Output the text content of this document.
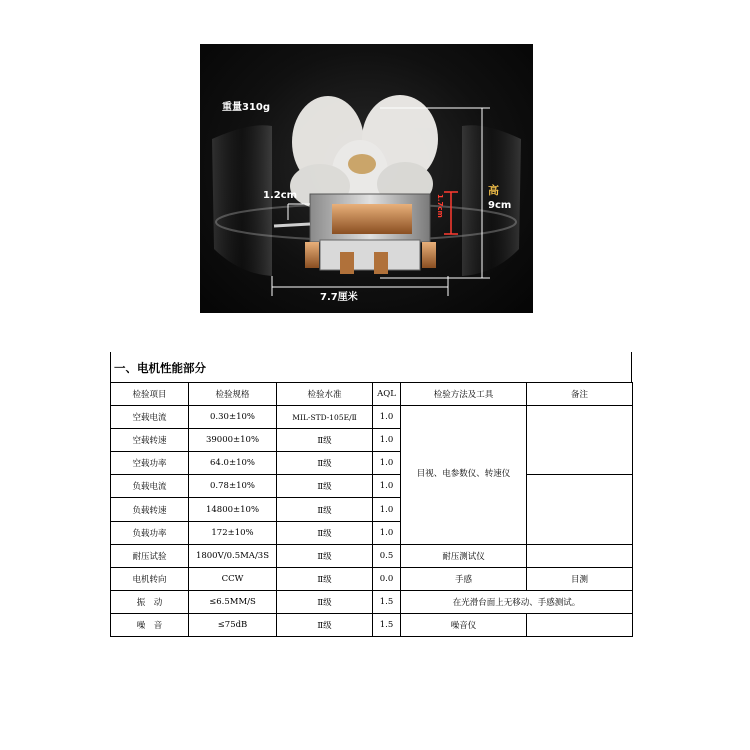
重量310g
1.2cm	高
9cm
1.7cm
7.7厘米
一、电机性能部分
检验项目	检验规格	检验水准	AQL	检验方法及工具	备注
空载电流	0.30±10%	MIL-STD-105E/Ⅱ	1.0	目视、电参数仪、转速仪	
空载转速	39000±10%	Ⅱ级	1.0		
空载功率	64.0±10%	Ⅱ级	1.0		
负载电流	0.78±10%	Ⅱ级	1.0		
负载转速	14800±10%	Ⅱ级	1.0		
负载功率	172±10%	Ⅱ级	1.0		
耐压试验	1800V/0.5MA/3S	Ⅱ级	0.5	耐压测试仪	
电机转向	CCW	Ⅱ级	0.0	手感	目测
振　动	≤6.5MM/S	Ⅱ级	1.5	在光滑台面上无移动、手感测试。	
噪　音	≤75dB	Ⅱ级	1.5	噪音仪	
